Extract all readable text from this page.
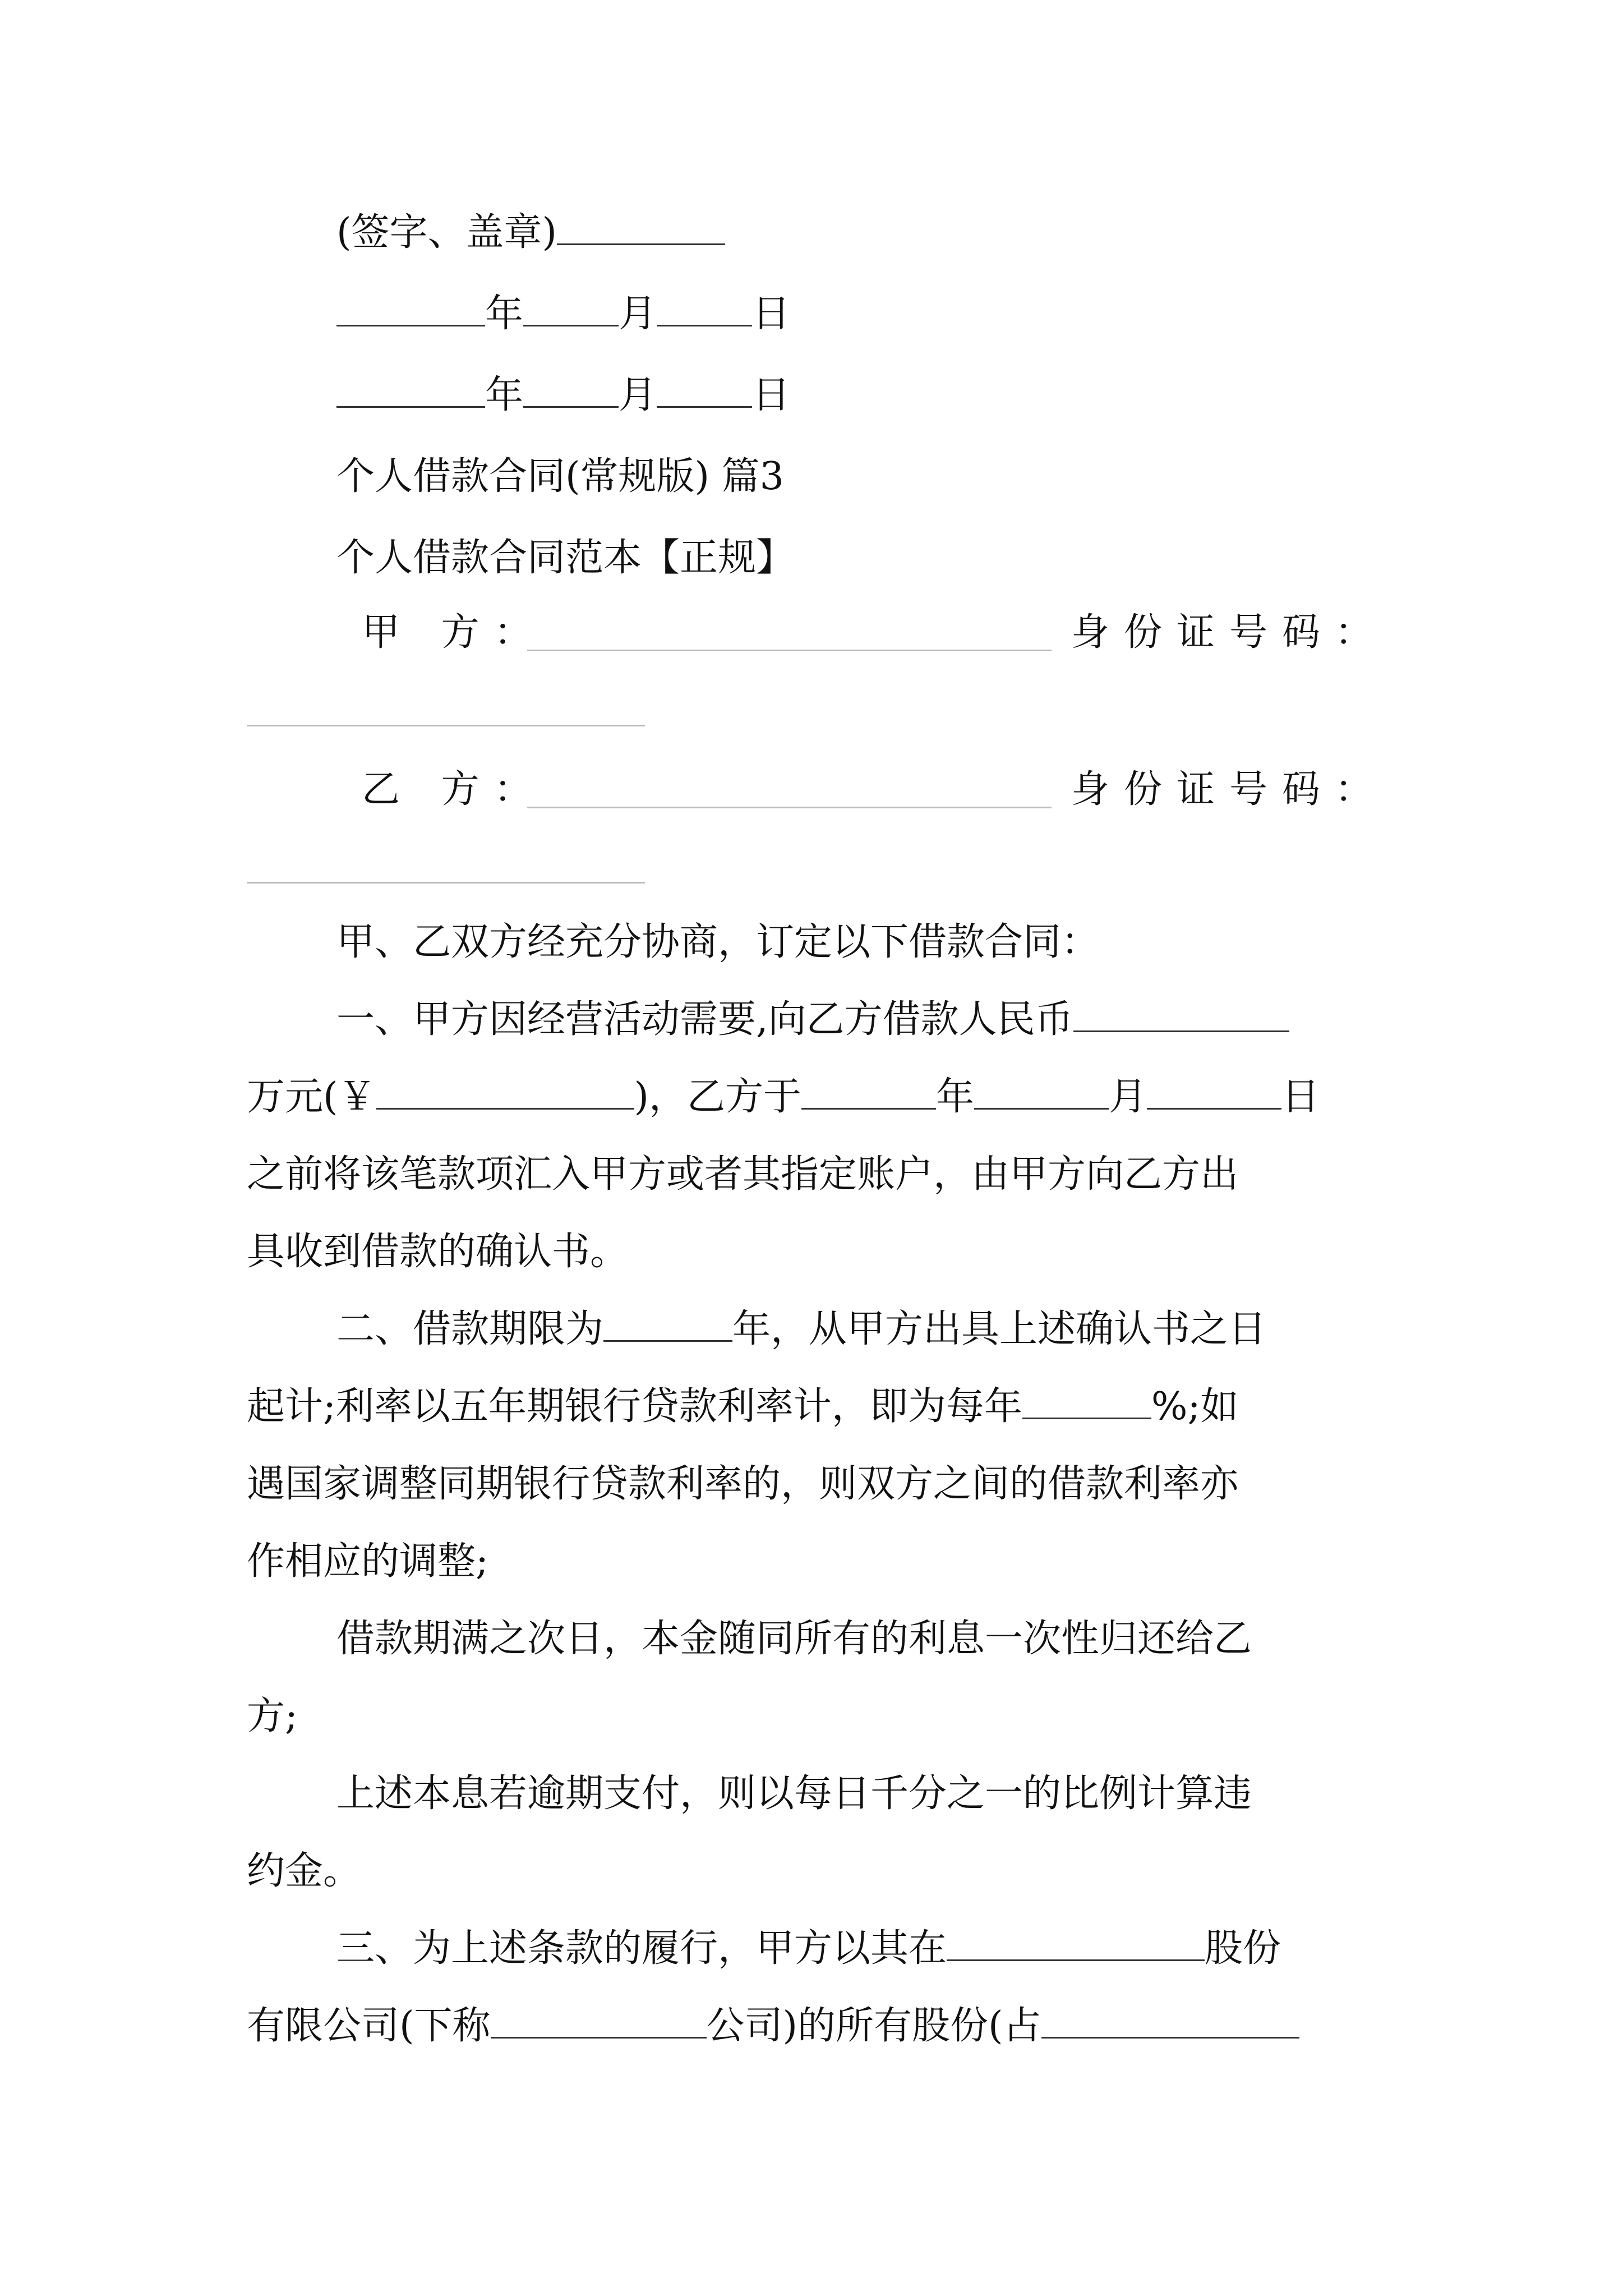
(签字、盖章)
年	月	日
年	月	日
个人借款合同(常规版) 篇3
个人借款合同范本【正规】
甲 方：	身份证号码：
乙 方：	身份证号码：
甲、乙双方经充分协商，订定以下借款合同：
一、甲方因经营活动需要,向乙方借款人民币
万元(￥	)，乙方于	年	月	日
之前将该笔款项汇入甲方或者其指定账户，由甲方向乙方出
具收到借款的确认书。
二、借款期限为	年，从甲方出具上述确认书之日
起计;利率以五年期银行贷款利率计，即为每年	%;如
遇国家调整同期银行贷款利率的，则双方之间的借款利率亦
作相应的调整;
借款期满之次日，本金随同所有的利息一次性归还给乙
方;
上述本息若逾期支付，则以每日千分之一的比例计算违
约金。
三、为上述条款的履行，甲方以其在	股份
有限公司(下称	公司)的所有股份(占
